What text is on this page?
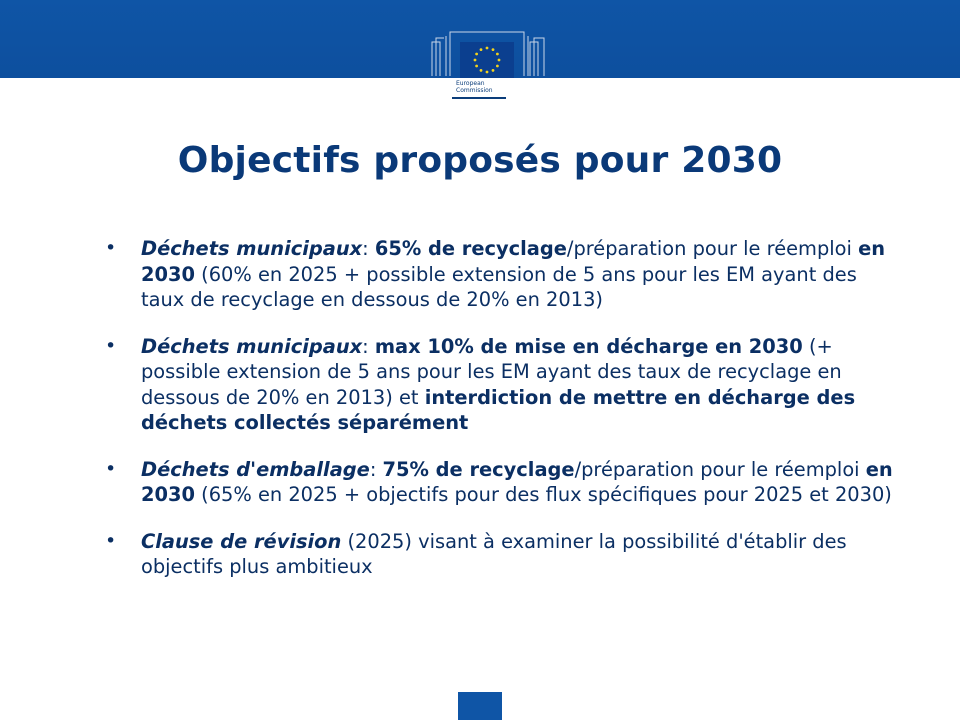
European
Commission
Objectifs proposés pour 2030
• Déchets municipaux: 65% de recyclage/préparation pour le réemploi en 2030 (60% en 2025 + possible extension de 5 ans pour les EM ayant des taux de recyclage en dessous de 20% en 2013)
• Déchets municipaux: max 10% de mise en décharge en 2030 (+ possible extension de 5 ans pour les EM ayant des taux de recyclage en dessous de 20% en 2013) et interdiction de mettre en décharge des déchets collectés séparément
• Déchets d'emballage: 75% de recyclage/préparation pour le réemploi en 2030 (65% en 2025 + objectifs pour des flux spécifiques pour 2025 et 2030)
• Clause de révision (2025) visant à examiner la possibilité d'établir des objectifs plus ambitieux
